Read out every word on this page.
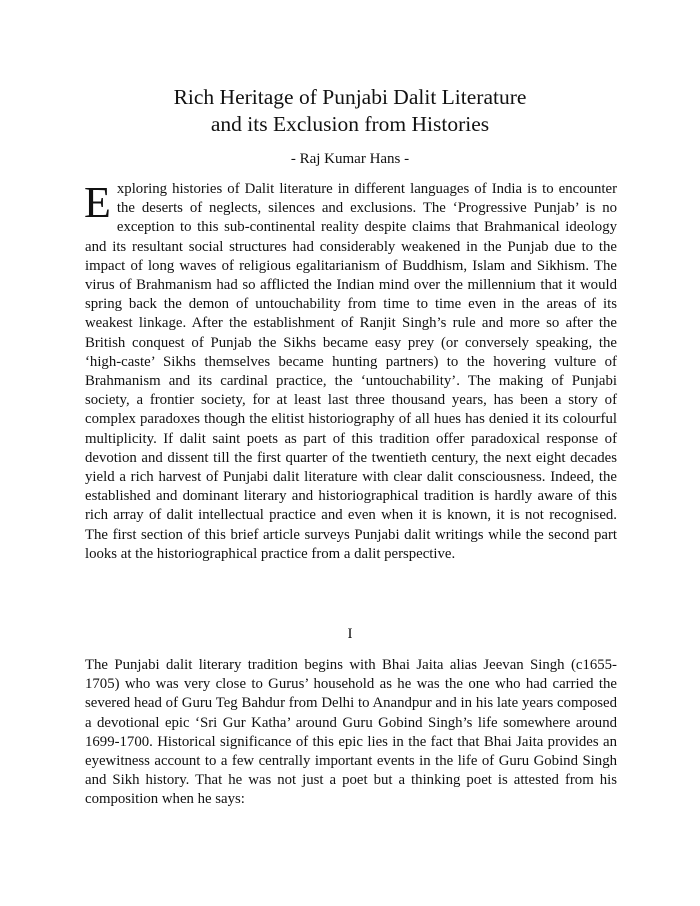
Rich Heritage of Punjabi Dalit Literature
and its Exclusion from Histories
- Raj Kumar Hans -
Exploring histories of Dalit literature in different languages of India is to encounter the deserts of neglects, silences and exclusions. The ‘Progressive Punjab’ is no exception to this sub-continental reality despite claims that Brahmanical ideology and its resultant social structures had considerably weakened in the Punjab due to the impact of long waves of religious egalitarianism of Buddhism, Islam and Sikhism. The virus of Brahmanism had so afflicted the Indian mind over the millennium that it would spring back the demon of untouchability from time to time even in the areas of its weakest linkage. After the establishment of Ranjit Singh’s rule and more so after the British conquest of Punjab the Sikhs became easy prey (or conversely speaking, the ‘high-caste’ Sikhs themselves became hunting partners) to the hovering vulture of Brahmanism and its cardinal practice, the ‘untouchability’. The making of Punjabi society, a frontier society, for at least last three thousand years, has been a story of complex paradoxes though the elitist historiography of all hues has denied it its colourful multiplicity. If dalit saint poets as part of this tradition offer paradoxical response of devotion and dissent till the first quarter of the twentieth century, the next eight decades yield a rich harvest of Punjabi dalit literature with clear dalit consciousness. Indeed, the established and dominant literary and historiographical tradition is hardly aware of this rich array of dalit intellectual practice and even when it is known, it is not recognised. The first section of this brief article surveys Punjabi dalit writings while the second part looks at the historiographical practice from a dalit perspective.
I
The Punjabi dalit literary tradition begins with Bhai Jaita alias Jeevan Singh (c1655-1705) who was very close to Gurus’ household as he was the one who had carried the severed head of Guru Teg Bahdur from Delhi to Anandpur and in his late years composed a devotional epic ‘Sri Gur Katha’ around Guru Gobind Singh’s life somewhere around 1699-1700. Historical significance of this epic lies in the fact that Bhai Jaita provides an eyewitness account to a few centrally important events in the life of Guru Gobind Singh and Sikh history. That he was not just a poet but a thinking poet is attested from his composition when he says:
